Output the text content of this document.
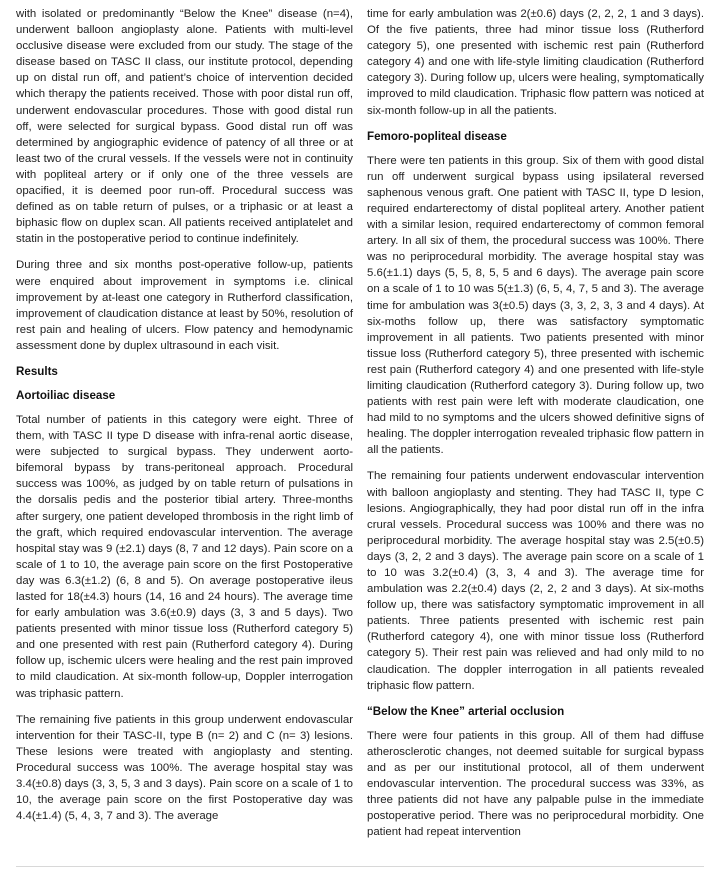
with isolated or predominantly “Below the Knee” disease (n=4), underwent balloon angioplasty alone. Patients with multi-level occlusive disease were excluded from our study. The stage of the disease based on TASC II class, our institute protocol, depending up on distal run off, and patient’s choice of intervention decided which therapy the patients received. Those with poor distal run off, underwent endovascular procedures. Those with good distal run off, were selected for surgical bypass. Good distal run off was determined by angiographic evidence of patency of all three or at least two of the crural vessels. If the vessels were not in continuity with popliteal artery or if only one of the three vessels are opacified, it is deemed poor run-off. Procedural success was defined as on table return of pulses, or a triphasic or at least a biphasic flow on duplex scan. All patients received antiplatelet and statin in the postoperative period to continue indefinitely.

During three and six months post-operative follow-up, patients were enquired about improvement in symptoms i.e. clinical improvement by at-least one category in Rutherford classification, improvement of claudication distance at least by 50%, resolution of rest pain and healing of ulcers. Flow patency and hemodynamic assessment done by duplex ultrasound in each visit.

Results
Aortoiliac disease

Total number of patients in this category were eight. Three of them, with TASC II type D disease with infra-renal aortic disease, were subjected to surgical bypass. They underwent aorto-bifemoral bypass by trans-peritoneal approach. Procedural success was 100%, as judged by on table return of pulsations in the dorsalis pedis and the posterior tibial artery. Three-months after surgery, one patient developed thrombosis in the right limb of the graft, which required endovascular intervention. The average hospital stay was 9 (±2.1) days (8, 7 and 12 days). Pain score on a scale of 1 to 10, the average pain score on the first Postoperative day was 6.3(±1.2) (6, 8 and 5). On average postoperative ileus lasted for 18(±4.3) hours (14, 16 and 24 hours). The average time for early ambulation was 3.6(±0.9) days (3, 3 and 5 days). Two patients presented with minor tissue loss (Rutherford category 5) and one presented with rest pain (Rutherford category 4). During follow up, ischemic ulcers were healing and the rest pain improved to mild claudication. At six-month follow-up, Doppler interrogation was triphasic pattern.

The remaining five patients in this group underwent endovascular intervention for their TASC-II, type B (n= 2) and C (n= 3) lesions. These lesions were treated with angioplasty and stenting. Procedural success was 100%. The average hospital stay was 3.4(±0.8) days (3, 3, 5, 3 and 3 days). Pain score on a scale of 1 to 10, the average pain score on the first Postoperative day was 4.4(±1.4) (5, 4, 3, 7 and 3). The average

time for early ambulation was 2(±0.6) days (2, 2, 2, 1 and 3 days). Of the five patients, three had minor tissue loss (Rutherford category 5), one presented with ischemic rest pain (Rutherford category 4) and one with life-style limiting claudication (Rutherford category 3). During follow up, ulcers were healing, symptomatically improved to mild claudication. Triphasic flow pattern was noticed at six-month follow-up in all the patients.

Femoro-popliteal disease

There were ten patients in this group. Six of them with good distal run off underwent surgical bypass using ipsilateral reversed saphenous venous graft. One patient with TASC II, type D lesion, required endarterectomy of distal popliteal artery. Another patient with a similar lesion, required endarterectomy of common femoral artery. In all six of them, the procedural success was 100%. There was no periprocedural morbidity. The average hospital stay was 5.6(±1.1) days (5, 5, 8, 5, 5 and 6 days). The average pain score on a scale of 1 to 10 was 5(±1.3) (6, 5, 4, 7, 5 and 3). The average time for ambulation was 3(±0.5) days (3, 3, 2, 3, 3 and 4 days). At six-moths follow up, there was satisfactory symptomatic improvement in all patients. Two patients presented with minor tissue loss (Rutherford category 5), three presented with ischemic rest pain (Rutherford category 4) and one presented with life-style limiting claudication (Rutherford category 3). During follow up, two patients with rest pain were left with moderate claudication, one had mild to no symptoms and the ulcers showed definitive signs of healing. The doppler interrogation revealed triphasic flow pattern in all the patients.

The remaining four patients underwent endovascular intervention with balloon angioplasty and stenting. They had TASC II, type C lesions. Angiographically, they had poor distal run off in the infra crural vessels. Procedural success was 100% and there was no periprocedural morbidity. The average hospital stay was 2.5(±0.5) days (3, 2, 2 and 3 days). The average pain score on a scale of 1 to 10 was 3.2(±0.4) (3, 3, 4 and 3). The average time for ambulation was 2.2(±0.4) days (2, 2, 2 and 3 days). At six-moths follow up, there was satisfactory symptomatic improvement in all patients. Three patients presented with ischemic rest pain (Rutherford category 4), one with minor tissue loss (Rutherford category 5). Their rest pain was relieved and had only mild to no claudication. The doppler interrogation in all patients revealed triphasic flow pattern.

“Below the Knee” arterial occlusion

There were four patients in this group. All of them had diffuse atherosclerotic changes, not deemed suitable for surgical bypass and as per our institutional protocol, all of them underwent endovascular intervention. The procedural success was 33%, as three patients did not have any palpable pulse in the immediate postoperative period. There was no periprocedural morbidity. One patient had repeat intervention
